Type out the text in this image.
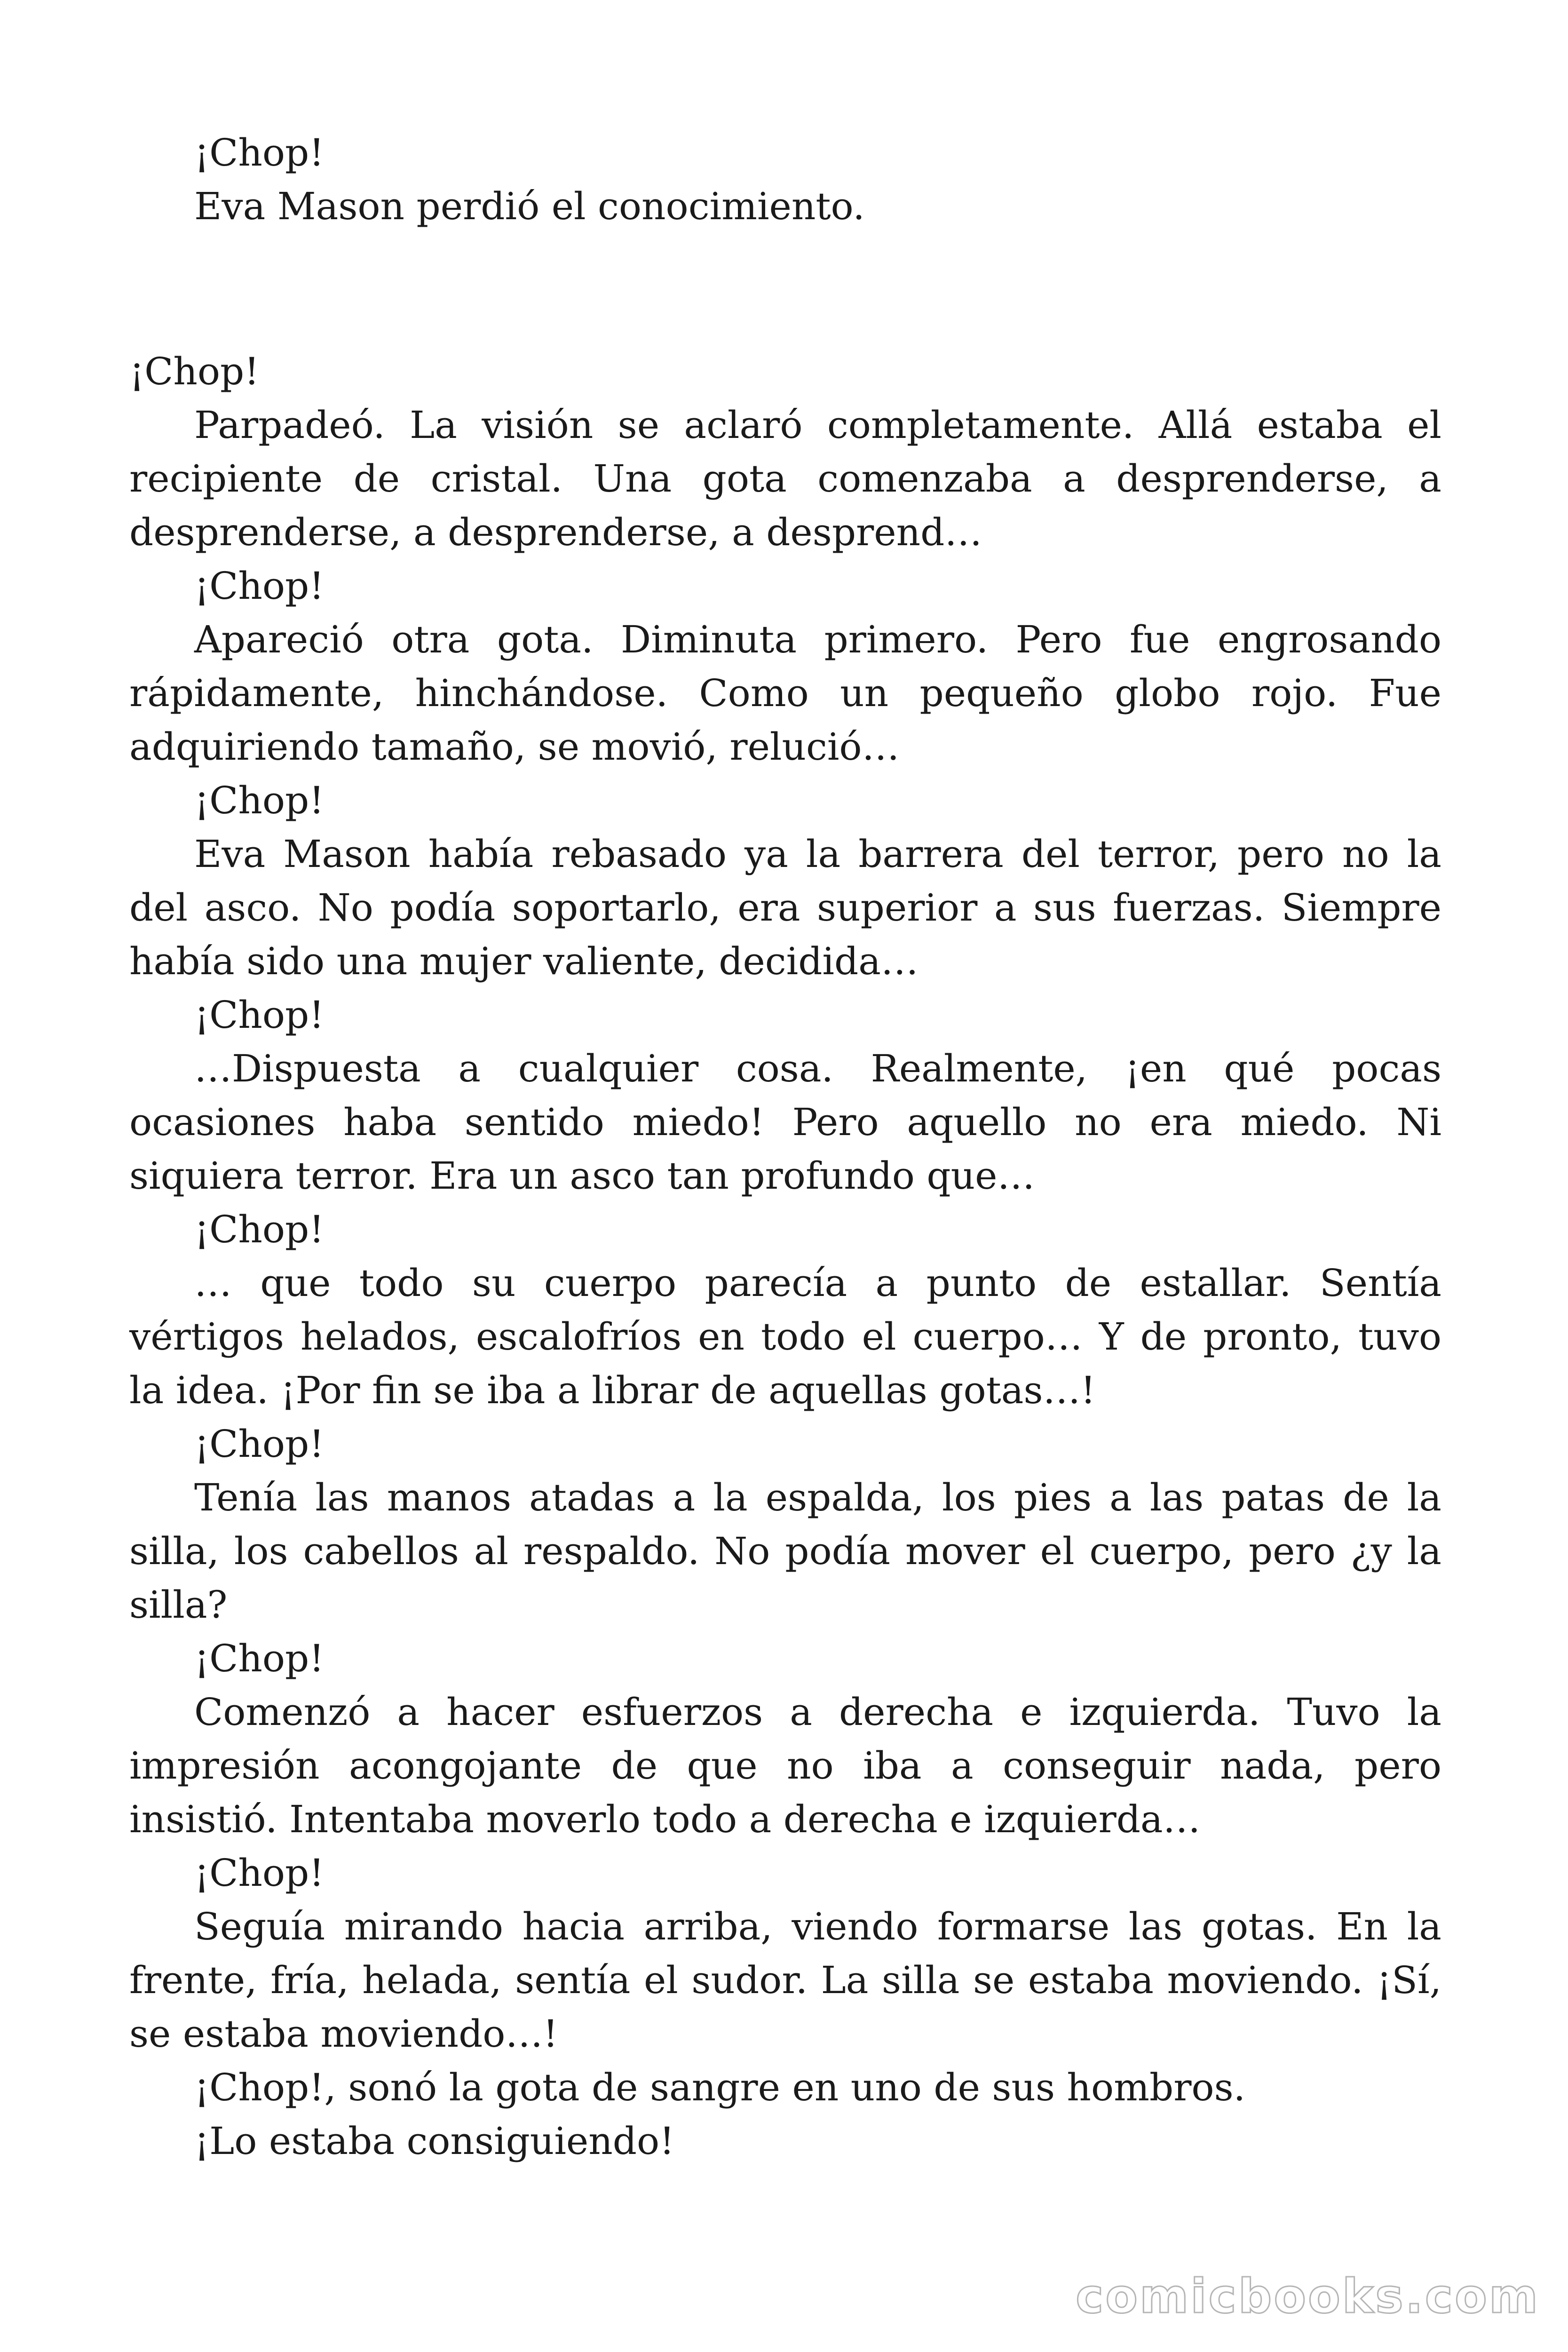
¡Chop!

Eva Mason perdió el conocimiento.

¡Chop!

Parpadeó. La visión se aclaró completamente. Allá estaba el recipiente de cristal. Una gota comenzaba a desprenderse, a desprenderse, a desprenderse, a desprend…

¡Chop!

Apareció otra gota. Diminuta primero. Pero fue engrosando rápidamente, hinchándose. Como un pequeño globo rojo. Fue adquiriendo tamaño, se movió, relució…

¡Chop!

Eva Mason había rebasado ya la barrera del terror, pero no la del asco. No podía soportarlo, era superior a sus fuerzas. Siempre había sido una mujer valiente, decidida…

¡Chop!

…Dispuesta a cualquier cosa. Realmente, ¡en qué pocas ocasiones haba sentido miedo! Pero aquello no era miedo. Ni siquiera terror. Era un asco tan profundo que…

¡Chop!

… que todo su cuerpo parecía a punto de estallar. Sentía vértigos helados, escalofríos en todo el cuerpo… Y de pronto, tuvo la idea. ¡Por fin se iba a librar de aquellas gotas…!

¡Chop!

Tenía las manos atadas a la espalda, los pies a las patas de la silla, los cabellos al respaldo. No podía mover el cuerpo, pero ¿y la silla?

¡Chop!

Comenzó a hacer esfuerzos a derecha e izquierda. Tuvo la impresión acongojante de que no iba a conseguir nada, pero insistió. Intentaba moverlo todo a derecha e izquierda…

¡Chop!

Seguía mirando hacia arriba, viendo formarse las gotas. En la frente, fría, helada, sentía el sudor. La silla se estaba moviendo. ¡Sí, se estaba moviendo…!

¡Chop!, sonó la gota de sangre en uno de sus hombros.

¡Lo estaba consiguiendo!

comicbooks.com
